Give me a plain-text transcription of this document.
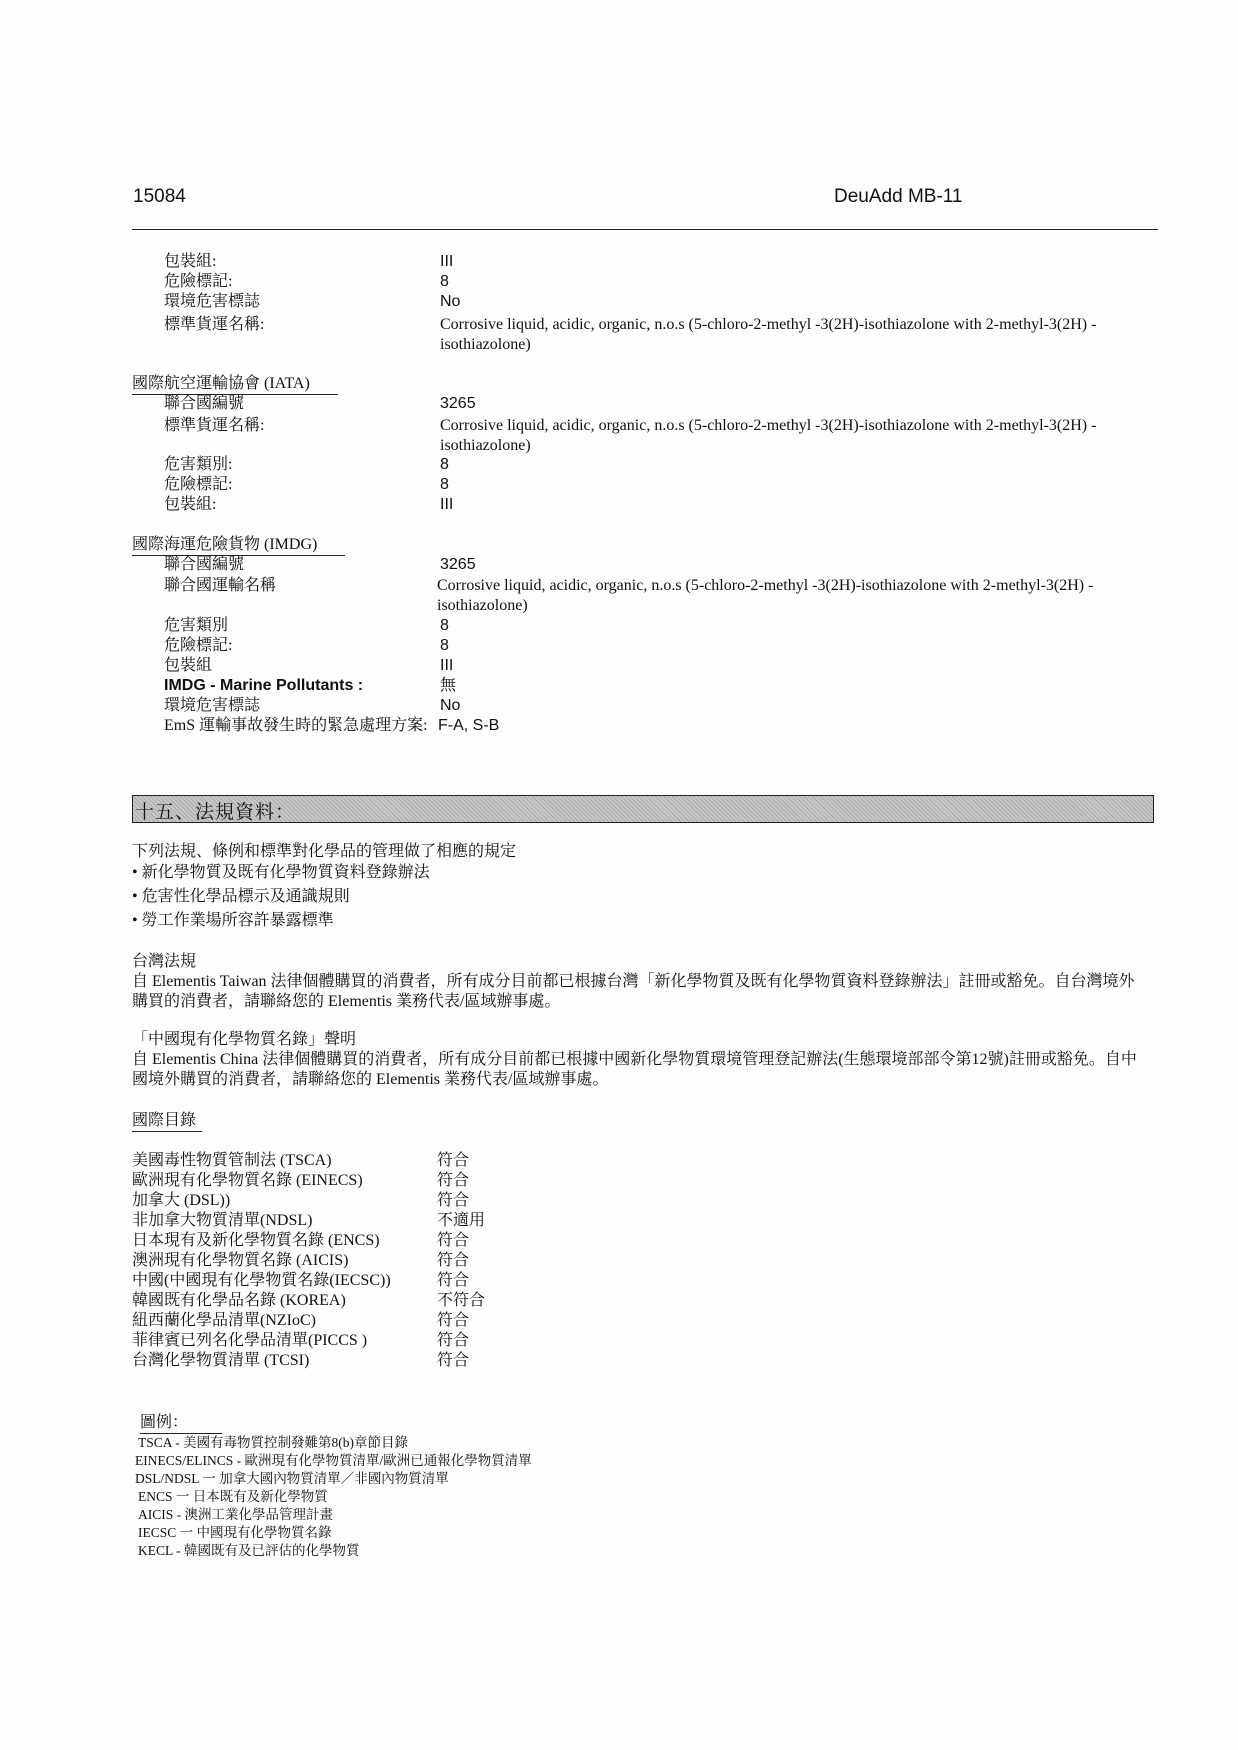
15084	DeuAdd MB-11
包裝組:	III
危險標記:	8
環境危害標誌	No
標準貨運名稱:	Corrosive liquid, acidic, organic, n.o.s (5-chloro-2-methyl -3(2H)-isothiazolone with 2-methyl-3(2H) -isothiazolone)
國際航空運輸協會 (IATA)
聯合國編號	3265
標準貨運名稱:	Corrosive liquid, acidic, organic, n.o.s (5-chloro-2-methyl -3(2H)-isothiazolone with 2-methyl-3(2H) -isothiazolone)
危害類別:	8
危險標記:	8
包裝組:	III
國際海運危險貨物 (IMDG)
聯合國編號	3265
聯合國運輸名稱	Corrosive liquid, acidic, organic, n.o.s (5-chloro-2-methyl -3(2H)-isothiazolone with 2-methyl-3(2H) -isothiazolone)
危害類別	8
危險標記:	8
包裝組	III
IMDG - Marine Pollutants :	無
環境危害標誌	No
EmS 運輸事故發生時的緊急處理方案: F-A, S-B
十五、法規資料：
下列法規、條例和標準對化學品的管理做了相應的規定
• 新化學物質及既有化學物質資料登錄辦法
• 危害性化學品標示及通識規則
• 勞工作業場所容許暴露標準
台灣法規
自 Elementis Taiwan 法律個體購買的消費者，所有成分目前都已根據台灣「新化學物質及既有化學物質資料登錄辦法」註冊或豁免。自台灣境外購買的消費者，請聯絡您的 Elementis 業務代表/區域辦事處。
「中國現有化學物質名錄」聲明
自 Elementis China 法律個體購買的消費者，所有成分目前都已根據中國新化學物質環境管理登記辦法(生態環境部部令第12號)註冊或豁免。自中國境外購買的消費者，請聯絡您的 Elementis 業務代表/區域辦事處。
國際目錄
美國毒性物質管制法 (TSCA)	符合
歐洲現有化學物質名錄 (EINECS)	符合
加拿大 (DSL))	符合
非加拿大物質清單(NDSL)	不適用
日本現有及新化學物質名錄 (ENCS)	符合
澳洲現有化學物質名錄 (AICIS)	符合
中國(中國現有化學物質名錄(IECSC))	符合
韓國既有化學品名錄 (KOREA)	不符合
紐西蘭化學品清單(NZIoC)	符合
菲律賓已列名化學品清單(PICCS )	符合
台灣化學物質清單 (TCSI)	符合
圖例：
TSCA - 美國有毒物質控制發難第8(b)章節目錄
EINECS/ELINCS - 歐洲現有化學物質清單/歐洲已通報化學物質清單
DSL/NDSL 一 加拿大國內物質清單／非國內物質清單
ENCS 一 日本既有及新化學物質
AICIS - 澳洲工業化學品管理計畫
IECSC 一 中國現有化學物質名錄
KECL - 韓國既有及已評估的化學物質
